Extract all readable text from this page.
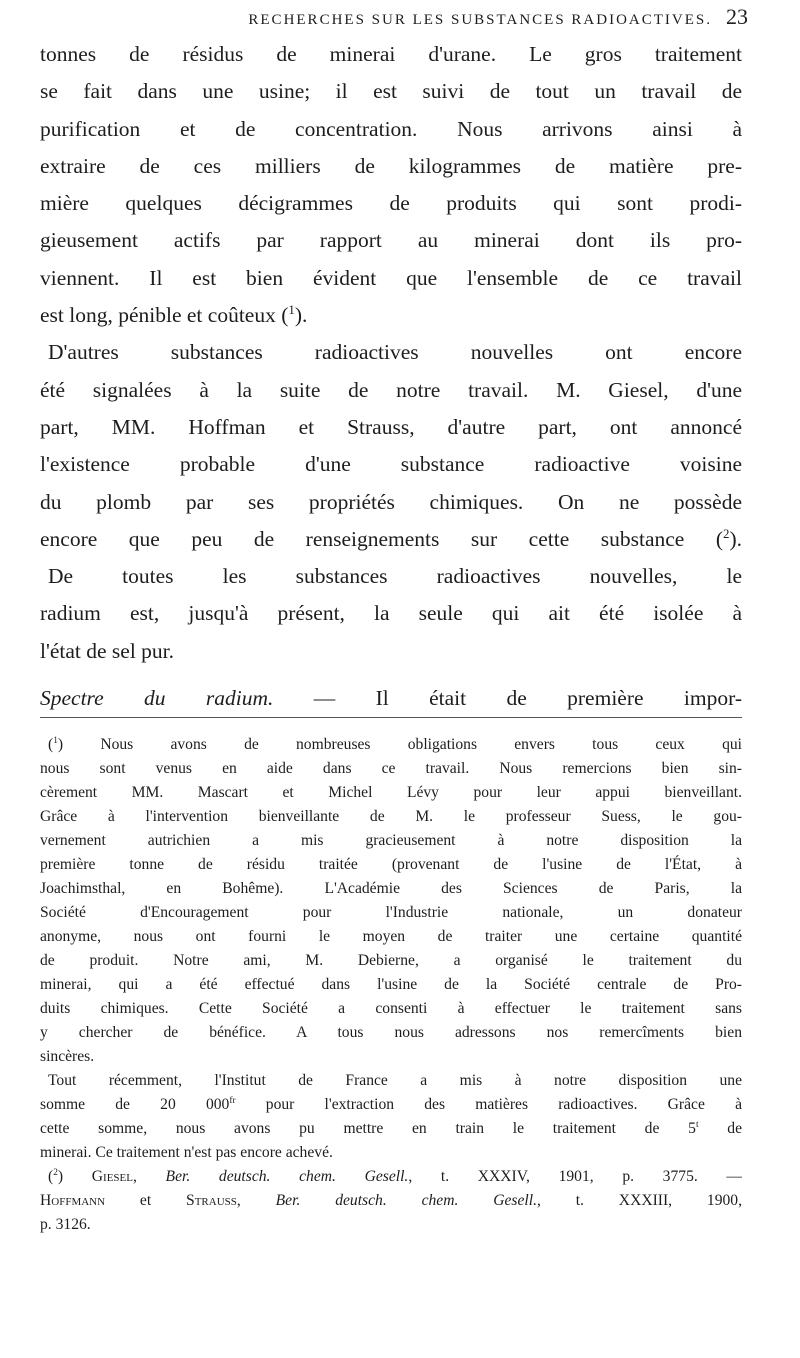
RECHERCHES SUR LES SUBSTANCES RADIOACTIVES. 23
tonnes de résidus de minerai d'urane. Le gros traitement
se fait dans une usine; il est suivi de tout un travail de
purification et de concentration. Nous arrivons ainsi à
extraire de ces milliers de kilogrammes de matière pre-
mière quelques décigrammes de produits qui sont prodi-
gieusement actifs par rapport au minerai dont ils pro-
viennent. Il est bien évident que l'ensemble de ce travail
est long, pénible et coûteux ($^1$).
D'autres substances radioactives nouvelles ont encore
été signalées à la suite de notre travail. M. Giesel, d'une
part, MM. Hoffman et Strauss, d'autre part, ont annoncé
l'existence probable d'une substance radioactive voisine
du plomb par ses propriétés chimiques. On ne possède
encore que peu de renseignements sur cette substance ($^2$).
De toutes les substances radioactives nouvelles, le
radium est, jusqu'à présent, la seule qui ait été isolée à
l'état de sel pur.
Spectre du radium. — Il était de première impor-
($^1$) Nous avons de nombreuses obligations envers tous ceux qui
nous sont venus en aide dans ce travail. Nous remercions bien sin-
cèrement MM. Mascart et Michel Lévy pour leur appui bienveillant.
Grâce à l'intervention bienveillante de M. le professeur Suess, le gou-
vernement autrichien a mis gracieusement à notre disposition la
première tonne de résidu traitée (provenant de l'usine de l'État, à
Joachimsthal, en Bohême). L'Académie des Sciences de Paris, la
Société d'Encouragement pour l'Industrie nationale, un donateur
anonyme, nous ont fourni le moyen de traiter une certaine quantité
de produit. Notre ami, M. Debierne, a organisé le traitement du
minerai, qui a été effectué dans l'usine de la Société centrale de Pro-
duits chimiques. Cette Société a consenti à effectuer le traitement sans
y chercher de bénéfice. A tous nous adressons nos remercîments bien
sincères.
Tout récemment, l'Institut de France a mis à notre disposition une
somme de 20 $000^{fr}$ pour l'extraction des matières radioactives. Grâce à
cette somme, nous avons pu mettre en train le traitement de 5$^t$ de
minerai. Ce traitement n'est pas encore achevé.
($^2$) Giesel, Ber. deutsch. chem. Gesell., t. XXXIV, 1901, p. 3775. —
Hoffmann et Strauss, Ber. deutsch. chem. Gesell., t. XXXIII, 1900,
p. 3126.
